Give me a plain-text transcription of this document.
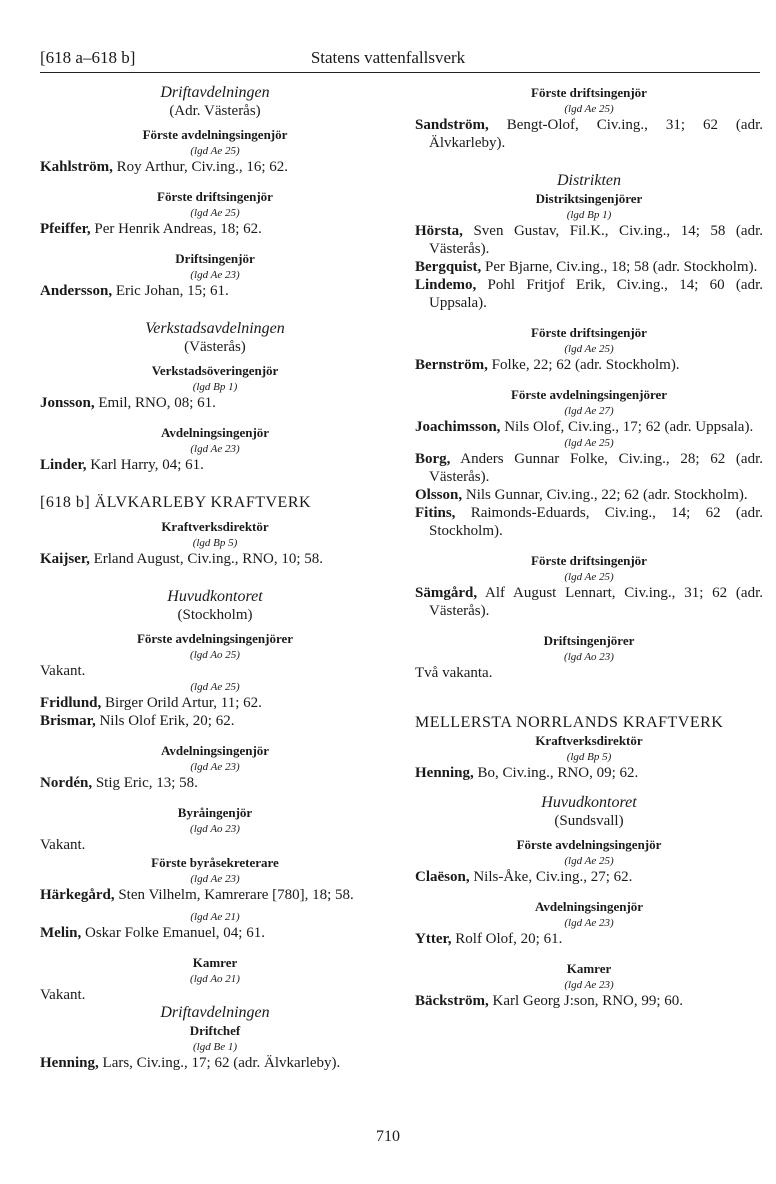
[618 a–618 b]	Statens vattenfallsverk
Driftavdelningen
(Adr. Västerås)
Förste avdelningsingenjör
(lgd Ae 25)
Kahlström, Roy Arthur, Civ.ing., 16; 62.
Förste driftsingenjör
(lgd Ae 25)
Pfeiffer, Per Henrik Andreas, 18; 62.
Driftsingenjör
(lgd Ae 23)
Andersson, Eric Johan, 15; 61.
Verkstadsavdelningen
(Västerås)
Verkstadsöveringenjör
(lgd Bp 1)
Jonsson, Emil, RNO, 08; 61.
Avdelningsingenjör
(lgd Ae 23)
Linder, Karl Harry, 04; 61.
[618 b] ÄLVKARLEBY KRAFTVERK
Kraftverksdirektör
(lgd Bp 5)
Kaijser, Erland August, Civ.ing., RNO, 10; 58.
Huvudkontoret
(Stockholm)
Förste avdelningsingenjörer
(lgd Ao 25)
Vakant.
(lgd Ae 25)
Fridlund, Birger Orild Artur, 11; 62.
Brismar, Nils Olof Erik, 20; 62.
Avdelningsingenjör
(lgd Ae 23)
Nordén, Stig Eric, 13; 58.
Byråingenjör
(lgd Ao 23)
Vakant.
Förste byråsekreterare
(lgd Ae 23)
Härkegård, Sten Vilhelm, Kamrerare [780], 18; 58.
(lgd Ae 21)
Melin, Oskar Folke Emanuel, 04; 61.
Kamrer
(lgd Ao 21)
Vakant.
Driftavdelningen
Driftchef
(lgd Be 1)
Henning, Lars, Civ.ing., 17; 62 (adr. Älvkarleby).
Förste driftsingenjör
(lgd Ae 25)
Sandström, Bengt-Olof, Civ.ing., 31; 62 (adr. Älvkarleby).
Distrikten
Distriktsingenjörer
(lgd Bp 1)
Hörsta, Sven Gustav, Fil.K., Civ.ing., 14; 58 (adr. Västerås).
Bergquist, Per Bjarne, Civ.ing., 18; 58 (adr. Stockholm).
Lindemo, Pohl Fritjof Erik, Civ.ing., 14; 60 (adr. Uppsala).
Förste driftsingenjör
(lgd Ae 25)
Bernström, Folke, 22; 62 (adr. Stockholm).
Förste avdelningsingenjörer
(lgd Ae 27)
Joachimsson, Nils Olof, Civ.ing., 17; 62 (adr. Uppsala).
(lgd Ae 25)
Borg, Anders Gunnar Folke, Civ.ing., 28; 62 (adr. Västerås).
Olsson, Nils Gunnar, Civ.ing., 22; 62 (adr. Stockholm).
Fitins, Raimonds-Eduards, Civ.ing., 14; 62 (adr. Stockholm).
Förste driftsingenjör
(lgd Ae 25)
Sämgård, Alf August Lennart, Civ.ing., 31; 62 (adr. Västerås).
Driftsingenjörer
(lgd Ao 23)
Två vakanta.
MELLERSTA NORRLANDS KRAFTVERK
Kraftverksdirektör
(lgd Bp 5)
Henning, Bo, Civ.ing., RNO, 09; 62.
Huvudkontoret
(Sundsvall)
Förste avdelningsingenjör
(lgd Ae 25)
Claëson, Nils-Åke, Civ.ing., 27; 62.
Avdelningsingenjör
(lgd Ae 23)
Ytter, Rolf Olof, 20; 61.
Kamrer
(lgd Ae 23)
Bäckström, Karl Georg J:son, RNO, 99; 60.
710
